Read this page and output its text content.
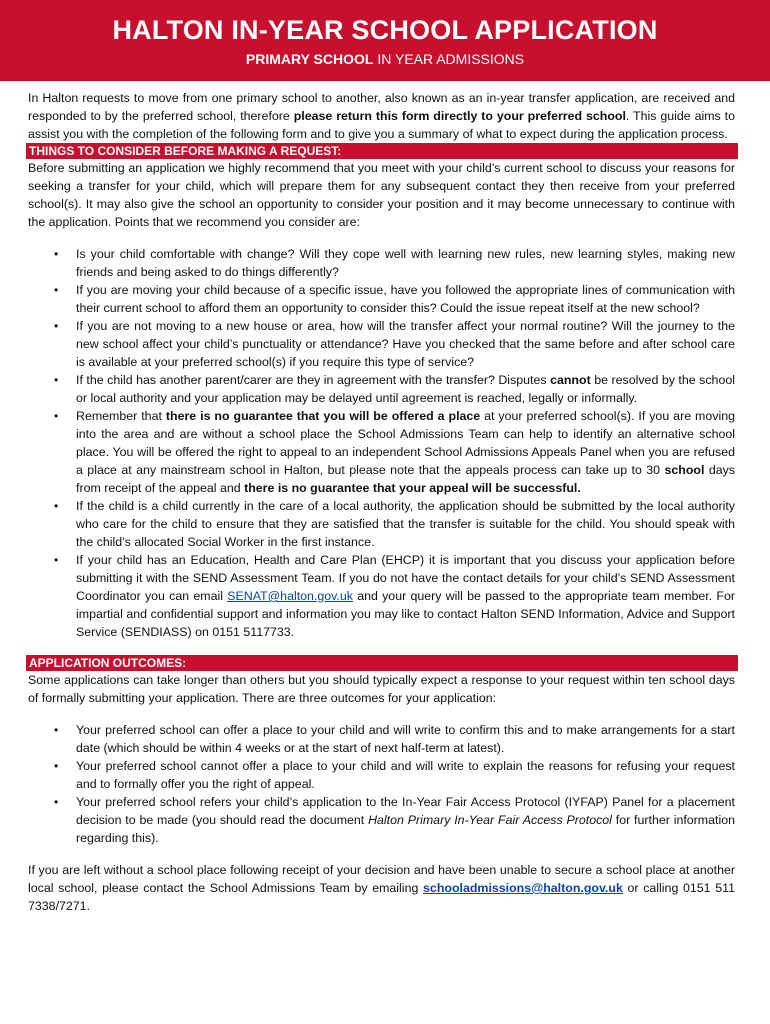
HALTON IN-YEAR SCHOOL APPLICATION
PRIMARY SCHOOL IN YEAR ADMISSIONS

In Halton requests to move from one primary school to another, also known as an in-year transfer application, are received and responded to by the preferred school, therefore please return this form directly to your preferred school. This guide aims to assist you with the completion of the following form and to give you a summary of what to expect during the application process.

THINGS TO CONSIDER BEFORE MAKING A REQUEST:

Before submitting an application we highly recommend that you meet with your child’s current school to discuss your reasons for seeking a transfer for your child, which will prepare them for any subsequent contact they then receive from your preferred school(s). It may also give the school an opportunity to consider your position and it may become unnecessary to continue with the application. Points that we recommend you consider are:

• Is your child comfortable with change? Will they cope well with learning new rules, new learning styles, making new friends and being asked to do things differently?
• If you are moving your child because of a specific issue, have you followed the appropriate lines of communication with their current school to afford them an opportunity to consider this? Could the issue repeat itself at the new school?
• If you are not moving to a new house or area, how will the transfer affect your normal routine? Will the journey to the new school affect your child’s punctuality or attendance? Have you checked that the same before and after school care is available at your preferred school(s) if you require this type of service?
• If the child has another parent/carer are they in agreement with the transfer? Disputes cannot be resolved by the school or local authority and your application may be delayed until agreement is reached, legally or informally.
• Remember that there is no guarantee that you will be offered a place at your preferred school(s). If you are moving into the area and are without a school place the School Admissions Team can help to identify an alternative school place. You will be offered the right to appeal to an independent School Admissions Appeals Panel when you are refused a place at any mainstream school in Halton, but please note that the appeals process can take up to 30 school days from receipt of the appeal and there is no guarantee that your appeal will be successful.
• If the child is a child currently in the care of a local authority, the application should be submitted by the local authority who care for the child to ensure that they are satisfied that the transfer is suitable for the child. You should speak with the child’s allocated Social Worker in the first instance.
• If your child has an Education, Health and Care Plan (EHCP) it is important that you discuss your application before submitting it with the SEND Assessment Team. If you do not have the contact details for your child’s SEND Assessment Coordinator you can email SENAT@halton.gov.uk and your query will be passed to the appropriate team member. For impartial and confidential support and information you may like to contact Halton SEND Information, Advice and Support Service (SENDIASS) on 0151 5117733.
APPLICATION OUTCOMES:

Some applications can take longer than others but you should typically expect a response to your request within ten school days of formally submitting your application. There are three outcomes for your application:

• Your preferred school can offer a place to your child and will write to confirm this and to make arrangements for a start date (which should be within 4 weeks or at the start of next half-term at latest).
• Your preferred school cannot offer a place to your child and will write to explain the reasons for refusing your request and to formally offer you the right of appeal.
• Your preferred school refers your child’s application to the In-Year Fair Access Protocol (IYFAP) Panel for a placement decision to be made (you should read the document Halton Primary In-Year Fair Access Protocol for further information regarding this).

If you are left without a school place following receipt of your decision and have been unable to secure a school place at another local school, please contact the School Admissions Team by emailing schooladmissions@halton.gov.uk or calling 0151 511 7338/7271.
